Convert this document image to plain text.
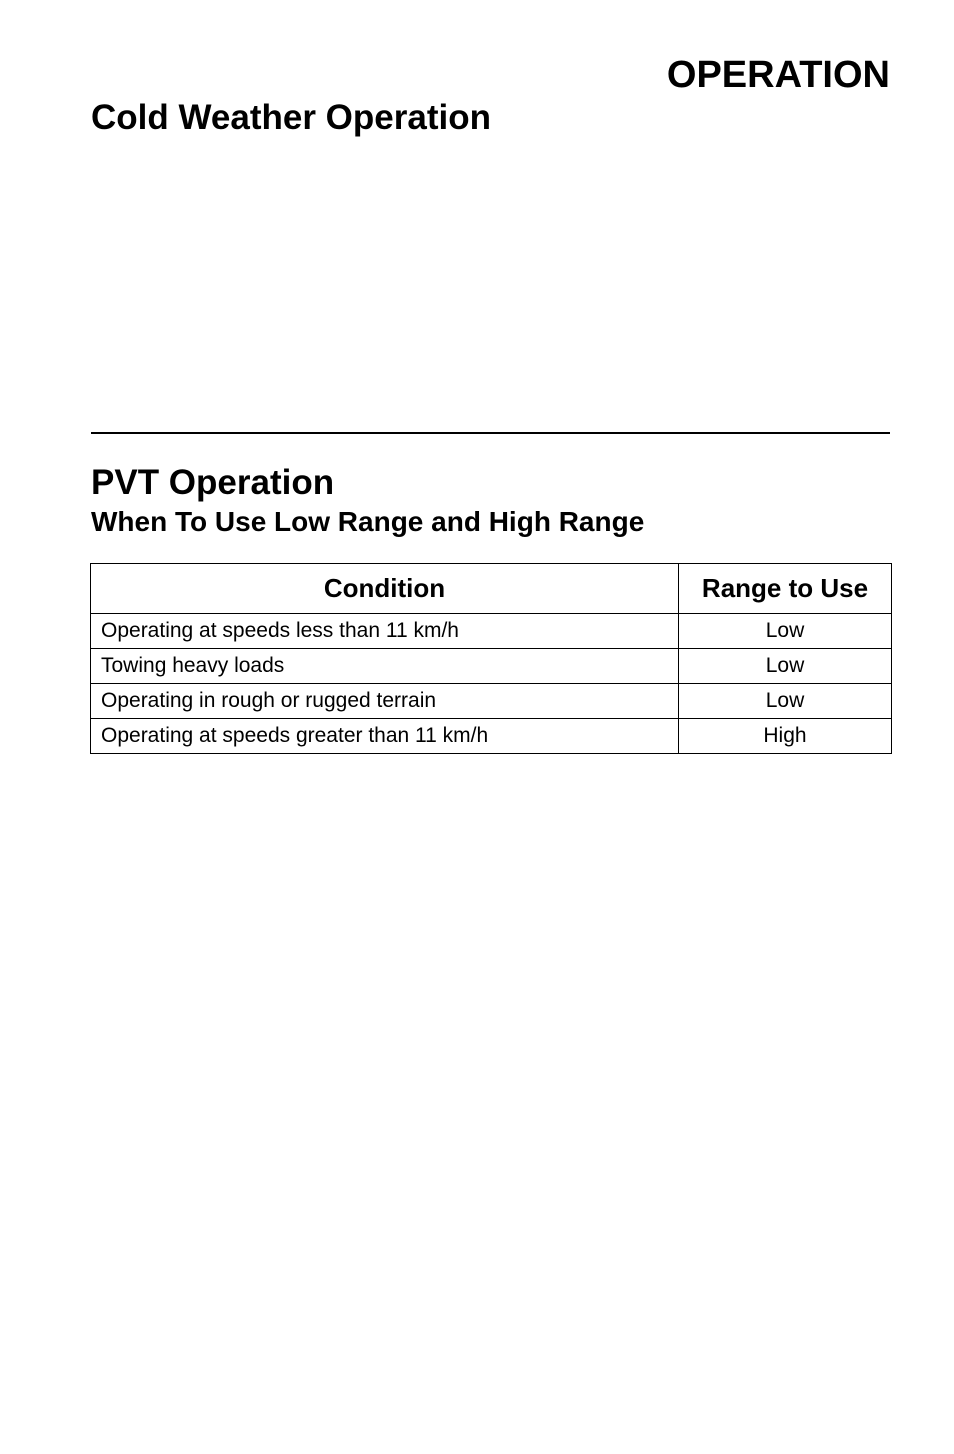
OPERATION
Cold Weather Operation
PVT Operation
When To Use Low Range and High Range
Condition	Range to Use
Operating at speeds less than 11 km/h	Low
Towing heavy loads	Low
Operating in rough or rugged terrain	Low
Operating at speeds greater than 11 km/h	High
